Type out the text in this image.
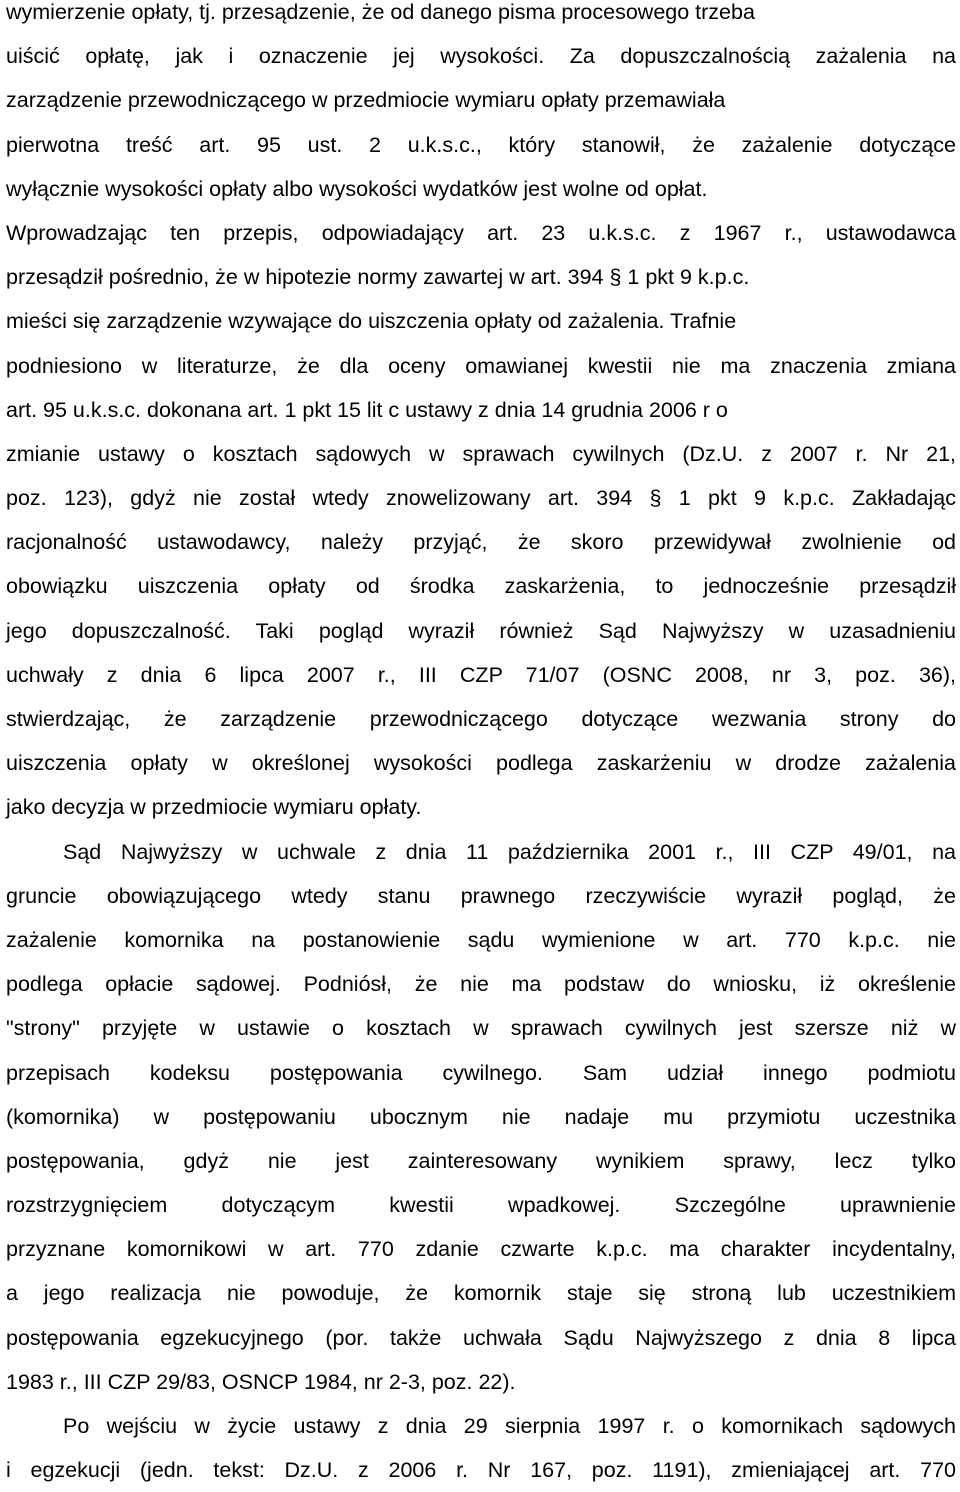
wymierzenie opłaty, tj. przesądzenie, że od danego pisma procesowego trzeba
uiścić opłatę, jak i oznaczenie jej wysokości. Za dopuszczalnością zażalenia na
zarządzenie przewodniczącego w przedmiocie wymiaru opłaty przemawiała
pierwotna treść art. 95 ust. 2 u.k.s.c., który stanowił, że zażalenie dotyczące
wyłącznie wysokości opłaty albo wysokości wydatków jest wolne od opłat.
Wprowadzając ten przepis, odpowiadający art. 23 u.k.s.c. z 1967 r., ustawodawca
przesądził pośrednio, że w hipotezie normy zawartej w art. 394 § 1 pkt 9 k.p.c.
mieści się zarządzenie wzywające do uiszczenia opłaty od zażalenia. Trafnie
podniesiono w literaturze, że dla oceny omawianej kwestii nie ma znaczenia zmiana
art. 95 u.k.s.c. dokonana art. 1 pkt 15 lit c ustawy z dnia 14 grudnia 2006 r o
zmianie ustawy o kosztach sądowych w sprawach cywilnych (Dz.U. z 2007 r. Nr 21,
poz. 123), gdyż nie został wtedy znowelizowany art. 394 § 1 pkt 9 k.p.c. Zakładając
racjonalność ustawodawcy, należy przyjąć, że skoro przewidywał zwolnienie od
obowiązku uiszczenia opłaty od środka zaskarżenia, to jednocześnie przesądził
jego dopuszczalność. Taki pogląd wyraził również Sąd Najwyższy w uzasadnieniu
uchwały z dnia 6 lipca 2007 r., III CZP 71/07 (OSNC 2008, nr 3, poz. 36),
stwierdzając, że zarządzenie przewodniczącego dotyczące wezwania strony do
uiszczenia opłaty w określonej wysokości podlega zaskarżeniu w drodze zażalenia
jako decyzja w przedmiocie wymiaru opłaty.
Sąd Najwyższy w uchwale z dnia 11 października 2001 r., III CZP 49/01, na
gruncie obowiązującego wtedy stanu prawnego rzeczywiście wyraził pogląd, że
zażalenie komornika na postanowienie sądu wymienione w art. 770 k.p.c. nie
podlega opłacie sądowej. Podniósł, że nie ma podstaw do wniosku, iż określenie
"strony" przyjęte w ustawie o kosztach w sprawach cywilnych jest szersze niż w
przepisach kodeksu postępowania cywilnego. Sam udział innego podmiotu
(komornika) w postępowaniu ubocznym nie nadaje mu przymiotu uczestnika
postępowania, gdyż nie jest zainteresowany wynikiem sprawy, lecz tylko
rozstrzygnięciem dotyczącym kwestii wpadkowej. Szczególne uprawnienie
przyznane komornikowi w art. 770 zdanie czwarte k.p.c. ma charakter incydentalny,
a jego realizacja nie powoduje, że komornik staje się stroną lub uczestnikiem
postępowania egzekucyjnego (por. także uchwała Sądu Najwyższego z dnia 8 lipca
1983 r., III CZP 29/83, OSNCP 1984, nr 2-3, poz. 22).
Po wejściu w życie ustawy z dnia 29 sierpnia 1997 r. o komornikach sądowych
i egzekucji (jedn. tekst: Dz.U. z 2006 r. Nr 167, poz. 1191), zmieniającej art. 770
